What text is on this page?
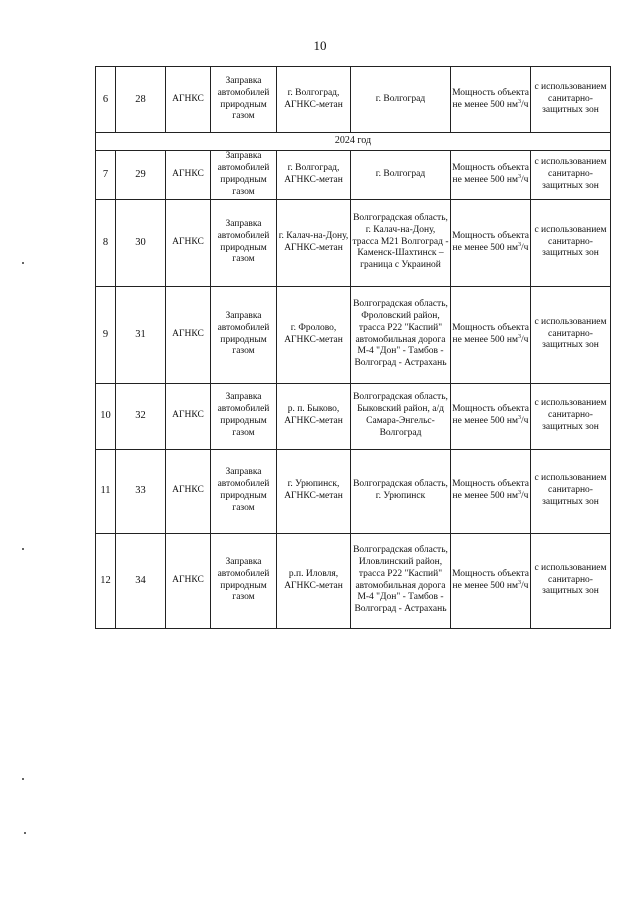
10
6	28	АГНКС	Заправка автомобилей природным газом	г. Волгоград, АГНКС-метан	г. Волгоград	Мощность объекта не менее 500 $нм^3/ч$	с использованием санитарно-защитных зон
2024 год							
7	29	АГНКС	Заправка автомобилей природным газом	г. Волгоград, АГНКС-метан	г. Волгоград	Мощность объекта не менее 500 $нм^3/ч$	с использованием санитарно-защитных зон
8	30	АГНКС	Заправка автомобилей природным газом	г. Калач-на-Дону, АГНКС-метан	Волгоградская область, г. Калач-на-Дону, трасса М21 Волгоград - Каменск-Шахтинск – граница с Украиной	Мощность объекта не менее 500 $нм^3/ч$	с использованием санитарно-защитных зон
9	31	АГНКС	Заправка автомобилей природным газом	г. Фролово, АГНКС-метан	Волгоградская область, Фроловский район, трасса Р22 "Каспий" автомобильная дорога М-4 "Дон" - Тамбов - Волгоград - Астрахань	Мощность объекта не менее 500 $нм^3/ч$	с использованием санитарно-защитных зон
10	32	АГНКС	Заправка автомобилей природным газом	р. п. Быково, АГНКС-метан	Волгоградская область, Быковский район, а/д Самара-Энгельс-Волгоград	Мощность объекта не менее 500 $нм^3/ч$	с использованием санитарно-защитных зон
11	33	АГНКС	Заправка автомобилей природным газом	г. Урюпинск, АГНКС-метан	Волгоградская область, г. Урюпинск	Мощность объекта не менее 500 $нм^3/ч$	с использованием санитарно-защитных зон
12	34	АГНКС	Заправка автомобилей природным газом	р.п. Иловля, АГНКС-метан	Волгоградская область, Иловлинский район, трасса Р22 "Каспий" автомобильная дорога М-4 "Дон" - Тамбов - Волгоград - Астрахань	Мощность объекта не менее 500 $нм^3/ч$	с использованием санитарно-защитных зон
